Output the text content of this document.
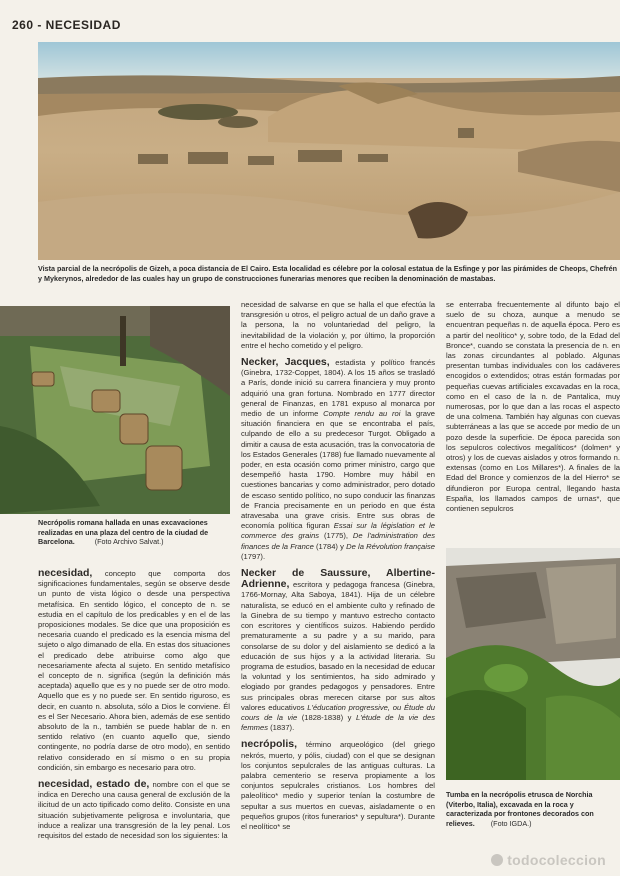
260 - NECESIDAD
Vista parcial de la necrópolis de Gizeh, a poca distancia de El Cairo. Esta localidad es célebre por la colosal estatua de la Esfinge y por las pirámides de Cheops, Chefrén y Mykerynos, alrededor de las cuales hay un grupo de construcciones funerarias menores que reciben la denominación de mastabas.
Necrópolis romana hallada en unas excavaciones realizadas en una plaza del centro de la ciudad de Barcelona.	(Foto Archivo Salvat.)

necesidad, concepto que comporta dos significaciones fundamentales, según se observe desde un punto de vista lógico o desde una perspectiva metafísica. En sentido lógico, el concepto de n. se estudia en el capítulo de los predicables y en el de las proposiciones modales. Se dice que una proposición es necesaria cuando el predicado es la esencia misma del sujeto o algo dimanado de ella. En estas dos situaciones el predicado debe atribuirse como algo que necesariamente afecta al sujeto. En sentido metafísico el concepto de n. significa (según la definición más aceptada) aquello que es y no puede ser de otro modo. Aquello que es y no puede ser. En sentido riguroso, es decir, en cuanto n. absoluta, sólo a Dios le conviene. Él es el Ser Necesario. Ahora bien, además de ese sentido absoluto de la n., también se puede hablar de n. en sentido relativo (en cuanto aquello que, siendo contingente, no podría darse de otro modo), en sentido relativo considerado en sí mismo o en su propia condición, sin embargo es necesario para otro.

necesidad, estado de, nombre con el que se indica en Derecho una causa general de exclusión de la ilicitud de un acto tipificado como delito. Consiste en una situación subjetivamente peligrosa e involuntaria, que induce a realizar una transgresión de la ley penal. Los requisitos del estado de necesidad son los siguientes: la

necesidad de salvarse en que se halla el que efectúa la transgresión u otros, el peligro actual de un daño grave a la persona, la no voluntariedad del peligro, la inevitabilidad de la violación y, por último, la proporción entre el hecho cometido y el peligro.

Necker, Jacques, estadista y político francés (Ginebra, 1732-Coppet, 1804). A los 15 años se trasladó a París, donde inició su carrera financiera y muy pronto adquirió una gran fortuna. Nombrado en 1777 director general de Finanzas, en 1781 expuso al monarca por medio de un informe Compte rendu au roi la grave situación financiera en que se encontraba el país, culpando de ello a su predecesor Turgot. Obligado a dimitir a causa de esta acusación, tras la convocatoria de los Estados Generales (1788) fue llamado nuevamente al poder, en esta ocasión como primer ministro, cargo que desempeñó hasta 1790. Hombre muy hábil en cuestiones bancarias y como administrador, pero dotado de escaso sentido político, no supo conducir las finanzas de Francia precisamente en un periodo en que ésta atravesaba una grave crisis. Entre sus obras de economía política figuran Essai sur la législation et le commerce des grains (1775), De l'administration des finances de la France (1784) y De la Révolution française (1797).

Necker de Saussure, Albertine-Adrienne, escritora y pedagoga francesa (Ginebra, 1766-Mornay, Alta Saboya, 1841). Hija de un célebre naturalista, se educó en el ambiente culto y refinado de la Ginebra de su tiempo y mantuvo estrecho contacto con escritores y científicos suizos. Habiendo perdido prematuramente a su padre y a su marido, para consolarse de su dolor y del aislamiento se dedicó a la educación de sus hijos y a la actividad literaria. Su programa de estudios, basado en la necesidad de educar la voluntad y los sentimientos, ha sido admirado y elogiado por grandes pedagogos y pensadores. Entre sus principales obras merecen citarse por sus altos valores educativos L'éducation progressive, ou Étude du cours de la vie (1828-1838) y L'étude de la vie des femmes (1837).

necrópolis, término arqueológico (del griego nekrós, muerto, y pólis, ciudad) con el que se designan los conjuntos sepulcrales de las antiguas culturas. La palabra cementerio se reserva propiamente a los conjuntos sepulcrales cristianos. Los hombres del paleolítico* medio y superior tenían la costumbre de sepultar a sus muertos en cuevas, aisladamente o en pequeños grupos (ritos funerarios* y sepultura*). Durante el neolítico* se

se enterraba frecuentemente al difunto bajo el suelo de su choza, aunque a menudo se encuentran pequeñas n. de aquella época. Pero es a partir del neolítico* y, sobre todo, de la Edad del Bronce*, cuando se constata la presencia de n. en las zonas circundantes al poblado. Algunas presentan tumbas individuales con los cadáveres encogidos o extendidos; otras están formadas por pequeñas cuevas artificiales excavadas en la roca, como en el caso de la n. de Pantalica, muy numerosas, por lo que dan a las rocas el aspecto de una colmena. También hay algunas con cuevas subterráneas a las que se accede por medio de un pozo desde la superficie. De época parecida son los sepulcros colectivos megalíticos* (dolmen* y otros) y los de cuevas aislados y otros formando n. extensas (como en Los Millares*). A finales de la Edad del Bronce y comienzos de la del Hierro* se difundieron por Europa central, llegando hasta España, los llamados campos de urnas*, que contienen sepulcros

Tumba en la necrópolis etrusca de Norchia (Viterbo, Italia), excavada en la roca y caracterizada por frontones decorados con relieves. (Foto IGDA.)
todocoleccion
